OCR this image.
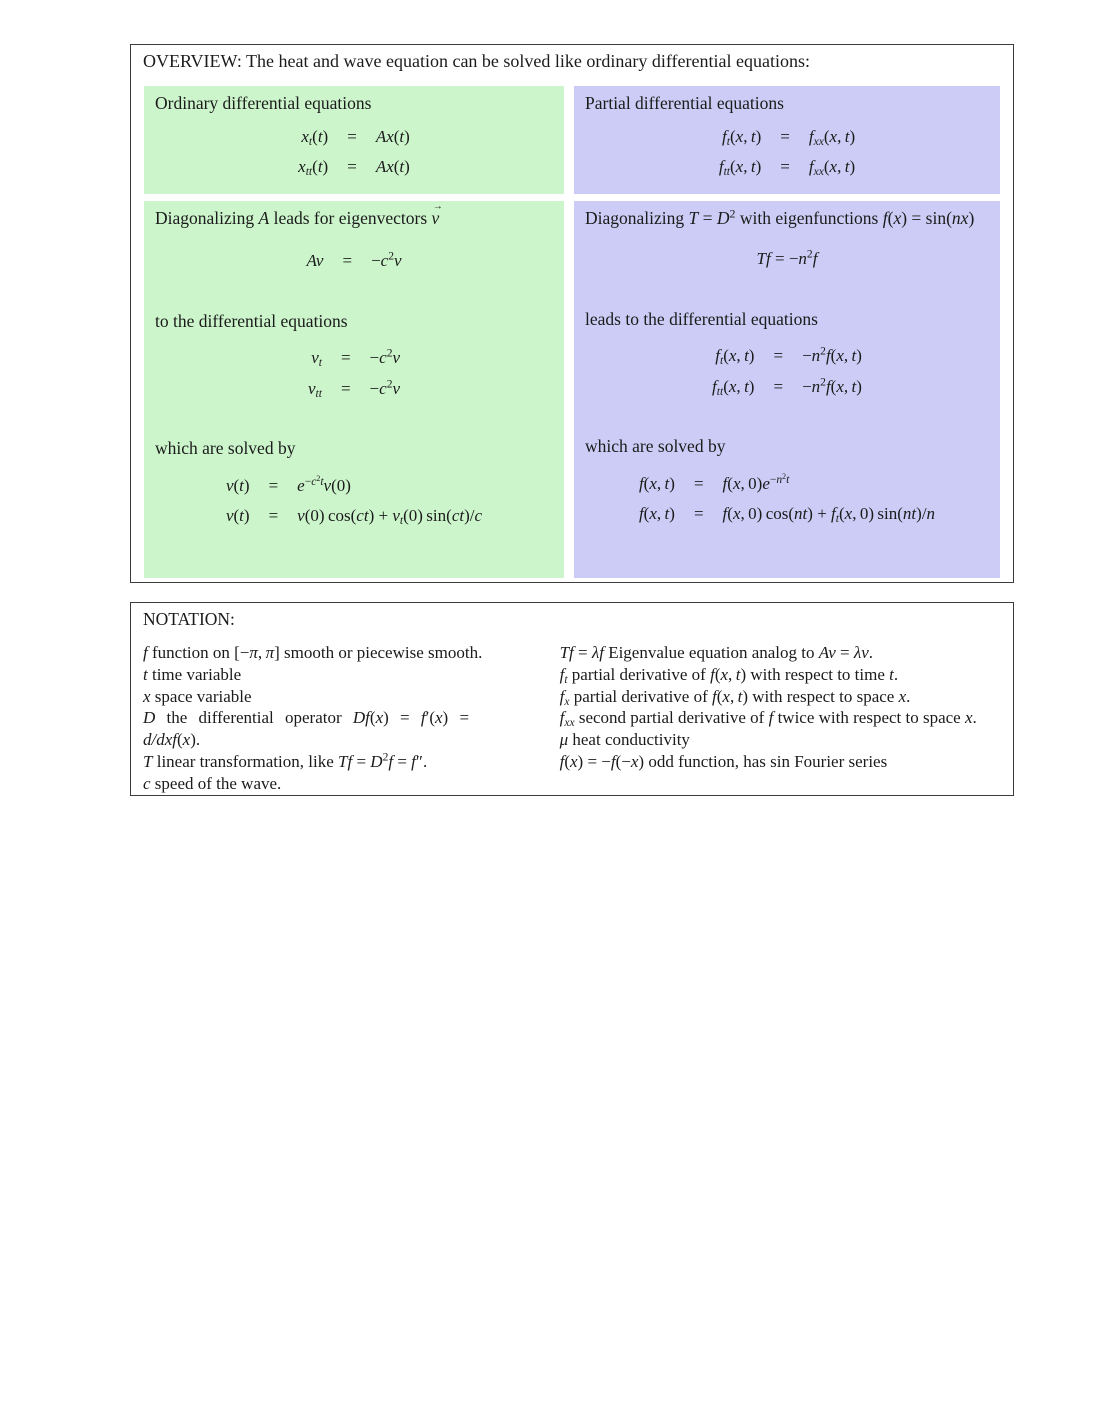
OVERVIEW: The heat and wave equation can be solved like ordinary differential equations:
Ordinary differential equations
$x_t(t) = Ax(t)$
$x_{tt}(t) = Ax(t)$
Diagonalizing A leads for eigenvectors → v
$Av = -c^2v$
to the differential equations
$v_t = -c^2v$
$v_{tt} = -c^2v$
which are solved by
$v(t) = e^{-c^2t}v(0)$
v(t) = v(0) $\cos(ct) + v_t(0)$ sin(ct)/c
Partial differential equations
$f_t(x$, $t) = f_{xx}(x$, t)
$f_{tt}(x$, $t) = f_{xx}(x$, t)
Diagonalizing $T = D^2$ with eigenfunctions f(x) = sin(nx)
$Tf = -n^2f$
leads to the differential equations
$f_t(x$, $t) = -n^2f(x$, t)
$f_{tt}(x$, $t) = -n^2f(x$, t)
which are solved by
f(x, t) = f(x, $0)e^{-n^2t}$
f(x, t) = f(x, 0) $\cos(nt) + f_t(x$, 0) sin(nt)/n
NOTATION:
f function on [−π, π] smooth or piecewise smooth.
t time variable
x space variable
D the differential operator Df(x) = f′(x) =
d/dxf(x).
T linear transformation, like $Tf = D^2f = f''$.
c speed of the wave.
Tf = λf Eigenvalue equation analog to Av = λv.
$f_t$ partial derivative of f(x, t) with respect to time t.
$f_x$ partial derivative of f(x, t) with respect to space x.
$f_{xx}$ second partial derivative of f twice with respect to space x.
μ heat conductivity
f(x) = −f(−x) odd function, has sin Fourier series
